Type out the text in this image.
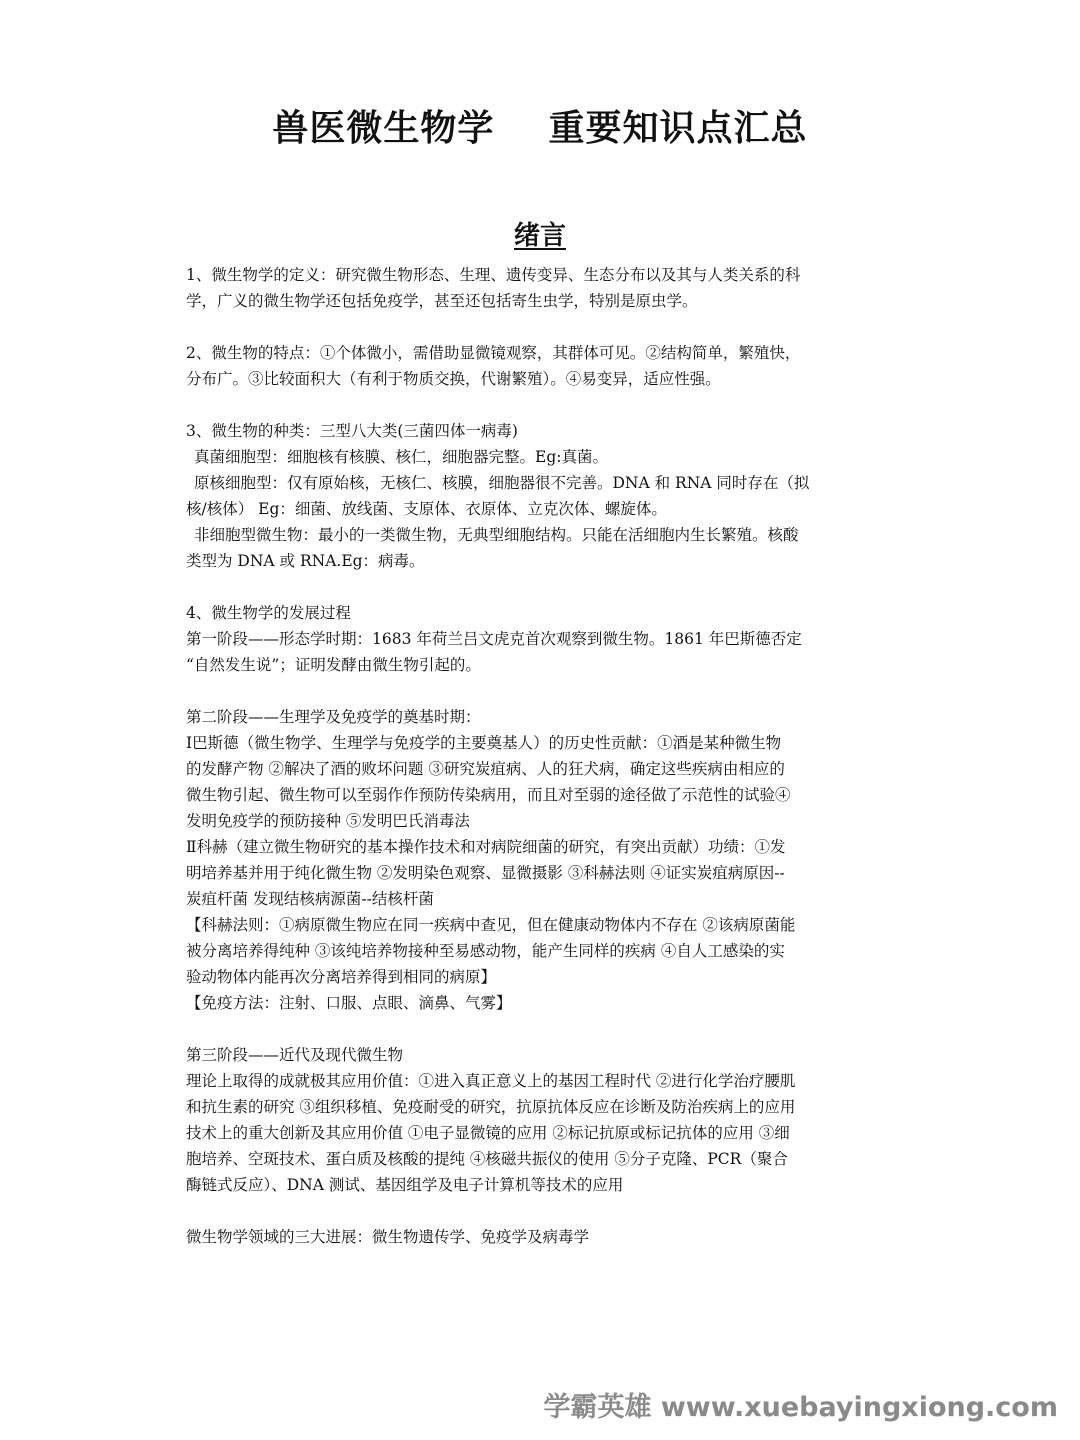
兽医微生物学    重要知识点汇总
绪言
1、微生物学的定义：研究微生物形态、生理、遗传变异、生态分布以及其与人类关系的科
学，广义的微生物学还包括免疫学，甚至还包括寄生虫学，特别是原虫学。
2、微生物的特点：①个体微小，需借助显微镜观察，其群体可见。②结构简单，繁殖快，
分布广。③比较面积大（有利于物质交换，代谢繁殖）。④易变异，适应性强。
3、微生物的种类：三型八大类(三菌四体一病毒)
真菌细胞型：细胞核有核膜、核仁，细胞器完整。Eg:真菌。
原核细胞型：仅有原始核，无核仁、核膜，细胞器很不完善。DNA 和 RNA 同时存在（拟
核/核体） Eg：细菌、放线菌、支原体、衣原体、立克次体、螺旋体。
非细胞型微生物：最小的一类微生物，无典型细胞结构。只能在活细胞内生长繁殖。核酸
类型为 DNA 或 RNA.Eg：病毒。
4、微生物学的发展过程
第一阶段——形态学时期：1683 年荷兰吕文虎克首次观察到微生物。1861 年巴斯德否定
“自然发生说”；证明发酵由微生物引起的。
第二阶段——生理学及免疫学的奠基时期：
Ⅰ巴斯德（微生物学、生理学与免疫学的主要奠基人）的历史性贡献：①酒是某种微生物
的发酵产物 ②解决了酒的败坏问题 ③研究炭疽病、人的狂犬病，确定这些疾病由相应的
微生物引起、微生物可以至弱作作预防传染病用，而且对至弱的途径做了示范性的试验④
发明免疫学的预防接种 ⑤发明巴氏消毒法
Ⅱ科赫（建立微生物研究的基本操作技术和对病院细菌的研究，有突出贡献）功绩：①发
明培养基并用于纯化微生物 ②发明染色观察、显微摄影 ③科赫法则 ④证实炭疽病原因--
炭疽杆菌 发现结核病源菌--结核杆菌
【科赫法则：①病原微生物应在同一疾病中查见，但在健康动物体内不存在 ②该病原菌能
被分离培养得纯种 ③该纯培养物接种至易感动物，能产生同样的疾病 ④自人工感染的实
验动物体内能再次分离培养得到相同的病原】
【免疫方法：注射、口服、点眼、滴鼻、气雾】
第三阶段——近代及现代微生物
理论上取得的成就极其应用价值：①进入真正意义上的基因工程时代 ②进行化学治疗腰肌
和抗生素的研究 ③组织移植、免疫耐受的研究，抗原抗体反应在诊断及防治疾病上的应用
技术上的重大创新及其应用价值 ①电子显微镜的应用 ②标记抗原或标记抗体的应用 ③细
胞培养、空斑技术、蛋白质及核酸的提纯 ④核磁共振仪的使用 ⑤分子克隆、PCR（聚合
酶链式反应）、DNA 测试、基因组学及电子计算机等技术的应用
微生物学领域的三大进展：微生物遗传学、免疫学及病毒学
学霸英雄 www.xuebayingxiong.com
